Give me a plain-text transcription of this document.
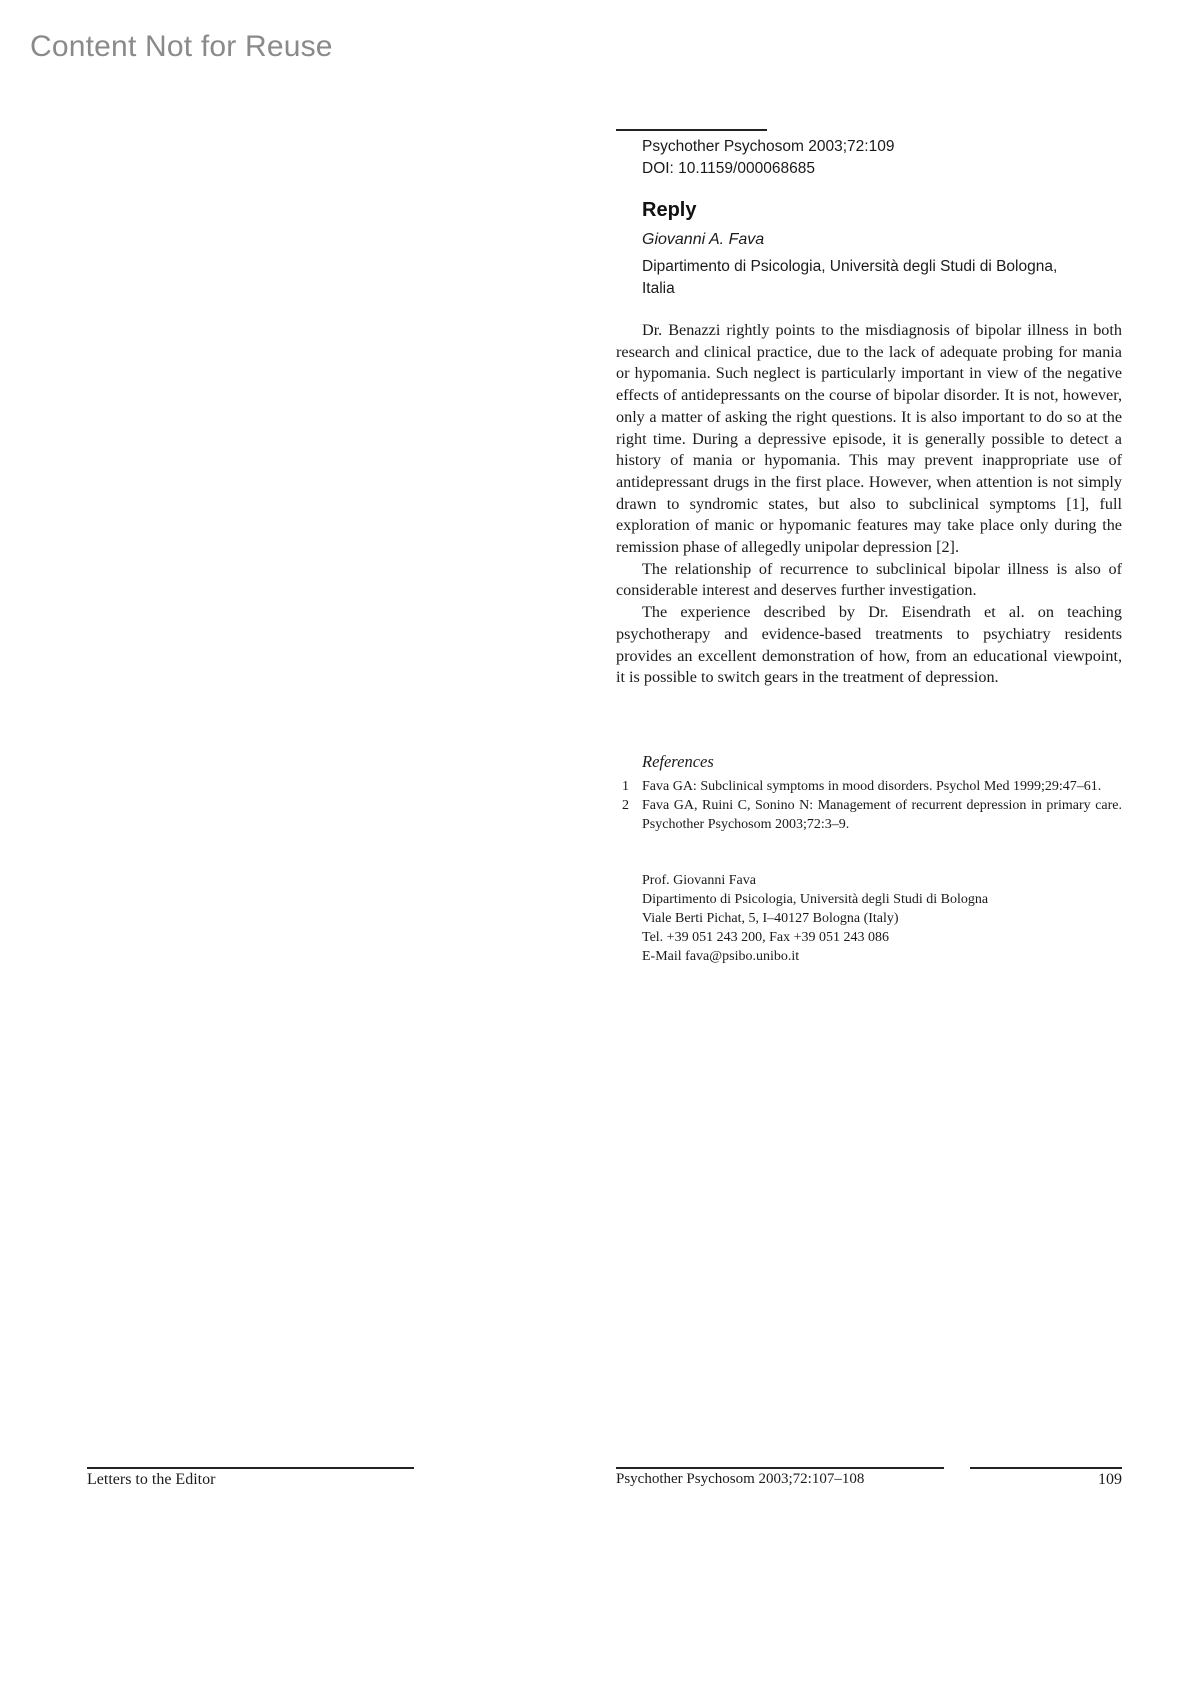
Content Not for Reuse
Psychother Psychosom 2003;72:109
DOI: 10.1159/000068685
Reply
Giovanni A. Fava
Dipartimento di Psicologia, Università degli Studi di Bologna,
Italia

Dr. Benazzi rightly points to the misdiagnosis of bipolar illness in both research and clinical practice, due to the lack of adequate probing for mania or hypomania. Such neglect is particularly important in view of the negative effects of antidepressants on the course of bipolar disorder. It is not, however, only a matter of asking the right questions. It is also important to do so at the right time. During a depressive episode, it is generally possible to detect a history of mania or hypomania. This may prevent inappropriate use of antidepressant drugs in the first place. However, when attention is not simply drawn to syndromic states, but also to subclinical symptoms [1], full exploration of manic or hypomanic features may take place only during the remission phase of allegedly unipolar depression [2].

The relationship of recurrence to subclinical bipolar illness is also of considerable interest and deserves further investigation.

The experience described by Dr. Eisendrath et al. on teaching psychotherapy and evidence-based treatments to psychiatry residents provides an excellent demonstration of how, from an educational viewpoint, it is possible to switch gears in the treatment of depression.

References
1 Fava GA: Subclinical symptoms in mood disorders. Psychol Med 1999;29:47–61.
2 Fava GA, Ruini C, Sonino N: Management of recurrent depression in primary care. Psychother Psychosom 2003;72:3–9.
Prof. Giovanni Fava
Dipartimento di Psicologia, Università degli Studi di Bologna
Viale Berti Pichat, 5, I–40127 Bologna (Italy)
Tel. +39 051 243 200, Fax +39 051 243 086
E-Mail fava@psibo.unibo.it
Letters to the Editor	Psychother Psychosom 2003;72:107–108	109
